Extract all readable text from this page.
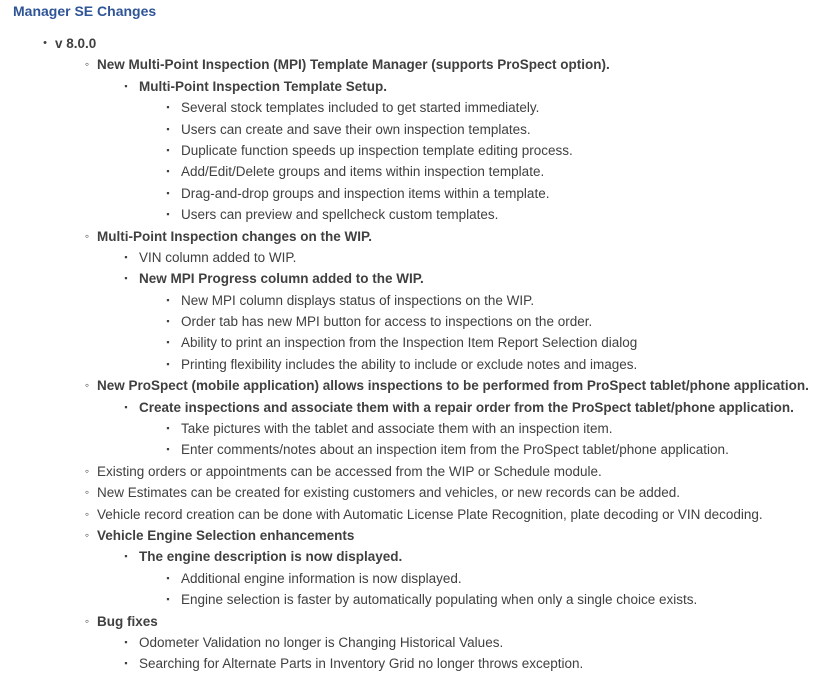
Manager SE Changes
• v 8.0.0
◦ New Multi-Point Inspection (MPI) Template Manager (supports ProSpect option).
▪ Multi-Point Inspection Template Setup.
▪ Several stock templates included to get started immediately.
▪ Users can create and save their own inspection templates.
▪ Duplicate function speeds up inspection template editing process.
▪ Add/Edit/Delete groups and items within inspection template.
▪ Drag-and-drop groups and inspection items within a template.
▪ Users can preview and spellcheck custom templates.
◦ Multi-Point Inspection changes on the WIP.
▪ VIN column added to WIP.
▪ New MPI Progress column added to the WIP.
▪ New MPI column displays status of inspections on the WIP.
▪ Order tab has new MPI button for access to inspections on the order.
▪ Ability to print an inspection from the Inspection Item Report Selection dialog
▪ Printing flexibility includes the ability to include or exclude notes and images.
◦ New ProSpect (mobile application) allows inspections to be performed from ProSpect tablet/phone application.
▪ Create inspections and associate them with a repair order from the ProSpect tablet/phone application.
▪ Take pictures with the tablet and associate them with an inspection item.
▪ Enter comments/notes about an inspection item from the ProSpect tablet/phone application.
◦ Existing orders or appointments can be accessed from the WIP or Schedule module.
◦ New Estimates can be created for existing customers and vehicles, or new records can be added.
◦ Vehicle record creation can be done with Automatic License Plate Recognition, plate decoding or VIN decoding.
◦ Vehicle Engine Selection enhancements
▪ The engine description is now displayed.
▪ Additional engine information is now displayed.
▪ Engine selection is faster by automatically populating when only a single choice exists.
◦ Bug fixes
▪ Odometer Validation no longer is Changing Historical Values.
▪ Searching for Alternate Parts in Inventory Grid no longer throws exception.
